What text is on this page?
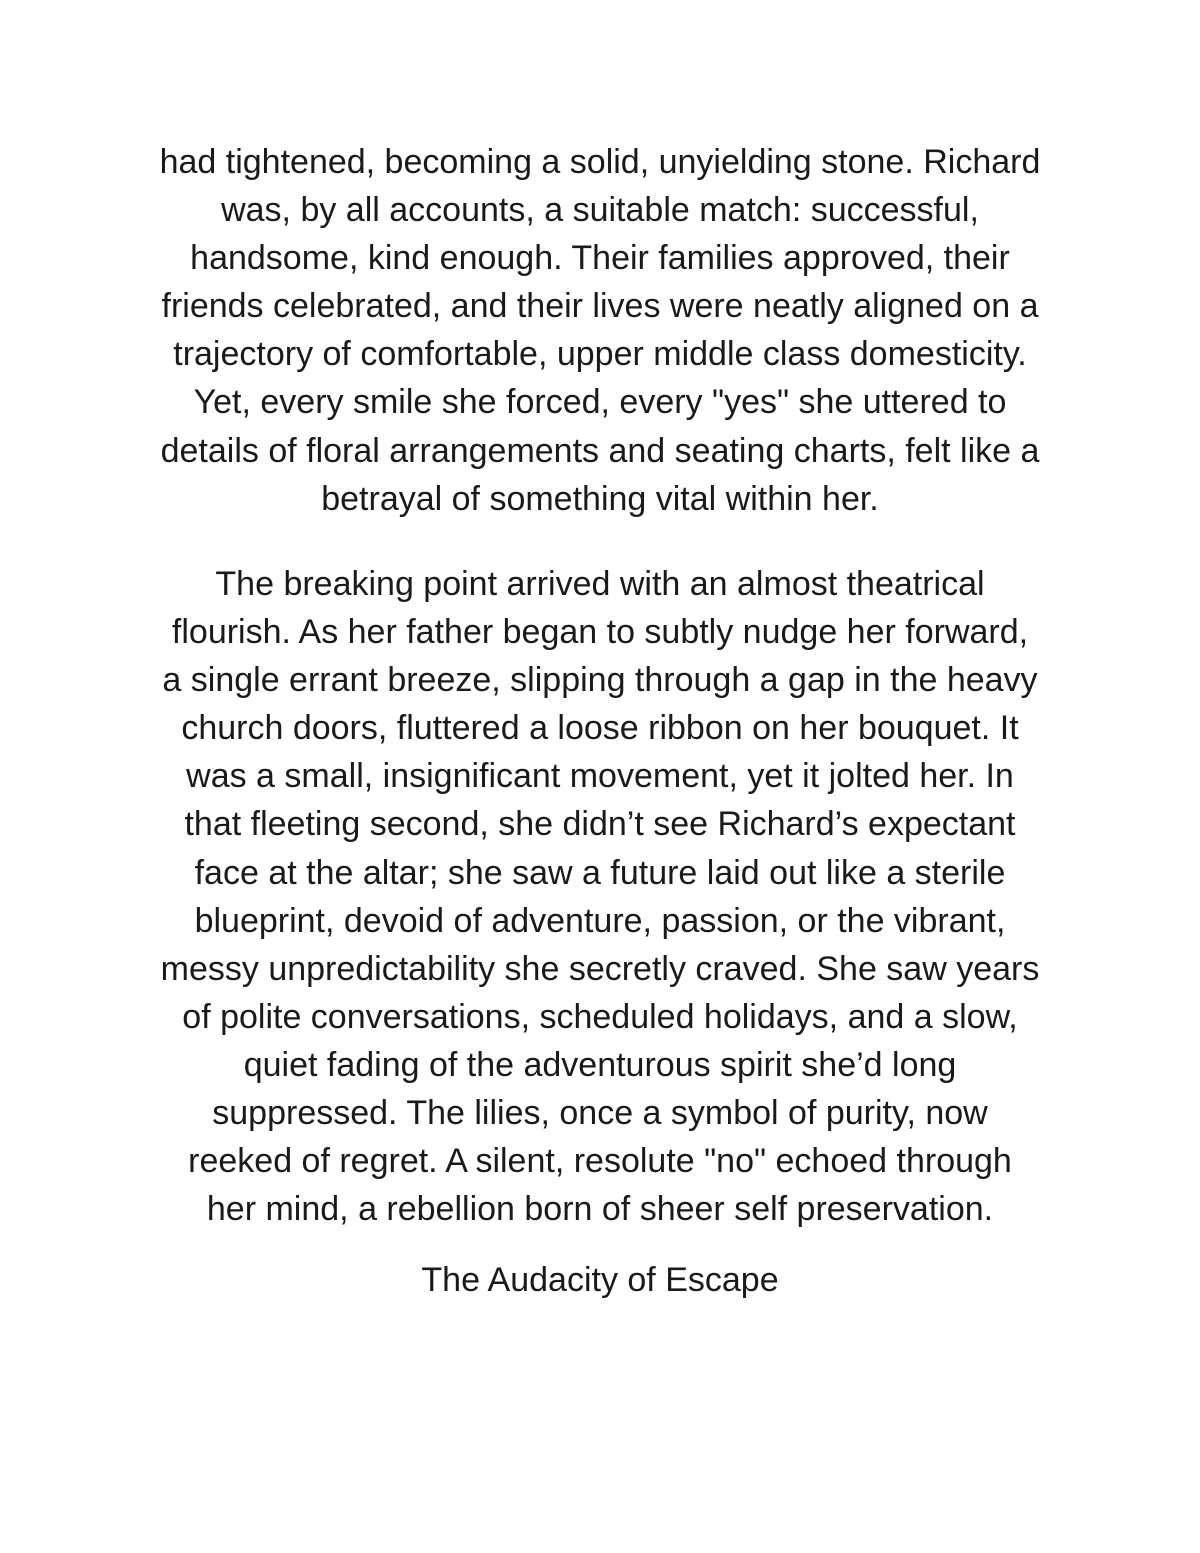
had tightened, becoming a solid, unyielding stone. Richard
was, by all accounts, a suitable match: successful,
handsome, kind enough. Their families approved, their
friends celebrated, and their lives were neatly aligned on a
trajectory of comfortable, upper middle class domesticity.
Yet, every smile she forced, every "yes" she uttered to
details of floral arrangements and seating charts, felt like a
betrayal of something vital within her.
The breaking point arrived with an almost theatrical
flourish. As her father began to subtly nudge her forward,
a single errant breeze, slipping through a gap in the heavy
church doors, fluttered a loose ribbon on her bouquet. It
was a small, insignificant movement, yet it jolted her. In
that fleeting second, she didn’t see Richard’s expectant
face at the altar; she saw a future laid out like a sterile
blueprint, devoid of adventure, passion, or the vibrant,
messy unpredictability she secretly craved. She saw years
of polite conversations, scheduled holidays, and a slow,
quiet fading of the adventurous spirit she’d long
suppressed. The lilies, once a symbol of purity, now
reeked of regret. A silent, resolute "no" echoed through
her mind, a rebellion born of sheer self preservation.
The Audacity of Escape
